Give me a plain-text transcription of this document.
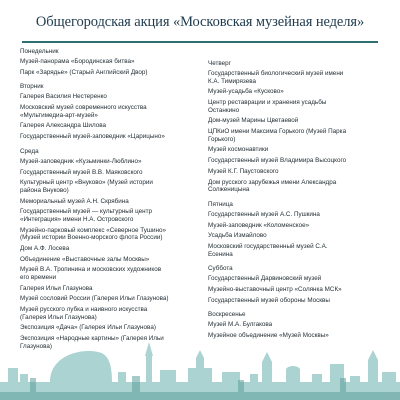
Общегородская акция «Московская музейная неделя»
Понедельник
Музей-панорама «Бородинская битва»
Парк «Зарядье» (Старый Английский Двор)
Вторник
Галерея Василия Нестеренко
Московский музей современного искусства
«Мультимедиа-арт-музей»
Галерея Александра Шилова
Государственный музей-заповедник «Царицыно»
Среда
Музей-заповедник «Кузьминки-Люблино»
Государственный музей В.В. Маяковского
Культурный центр «Внуково» (Музей истории
района Внуково)
Мемориальный музей А.Н. Скрябина
Государственный музей — культурный центр
«Интеграция» имени Н.А. Островского
Музейно-парковый комплекс «Северное Тушино»
(Музей истории Военно-морского флота России)
Дом А.Ф. Лосева
Объединение «Выставочные залы Москвы»
Музей В.А. Тропинина и московских художников
его времени
Галерея Ильи Глазунова
Музей сословий России (Галерея Ильи Глазунова)
Музей русского лубка и наивного искусства
(Галерея Ильи Глазунова)
Экспозиция «Дача» (Галерея Ильи Глазунова)
Экспозиция «Народные картины» (Галерея Ильи
Глазунова)
Четверг
Государственный биологический музей имени
К.А. Тимирязева
Музей-усадьба «Кусково»
Центр реставрации и хранения усадьбы
Останкино
Дом-музей Марины Цветаевой
ЦПКиО имени Максима Горького (Музей Парка
Горького)
Музей космонавтики
Государственный музей Владимира Высоцкого
Музей К.Г. Паустовского
Дом русского зарубежья имени Александра
Солженицына
Пятница
Государственный музей А.С. Пушкина
Музей-заповедник «Коломенское»
Усадьба Измайлово
Московский государственный музей С.А.
Есенина
Суббота
Государственный Дарвиновский музей
Музейно-выставочный центр «Солянка МСК»
Государственный музей обороны Москвы
Воскресенье
Музей М.А. Булгакова
Музейное объединение «Музей Москвы»
